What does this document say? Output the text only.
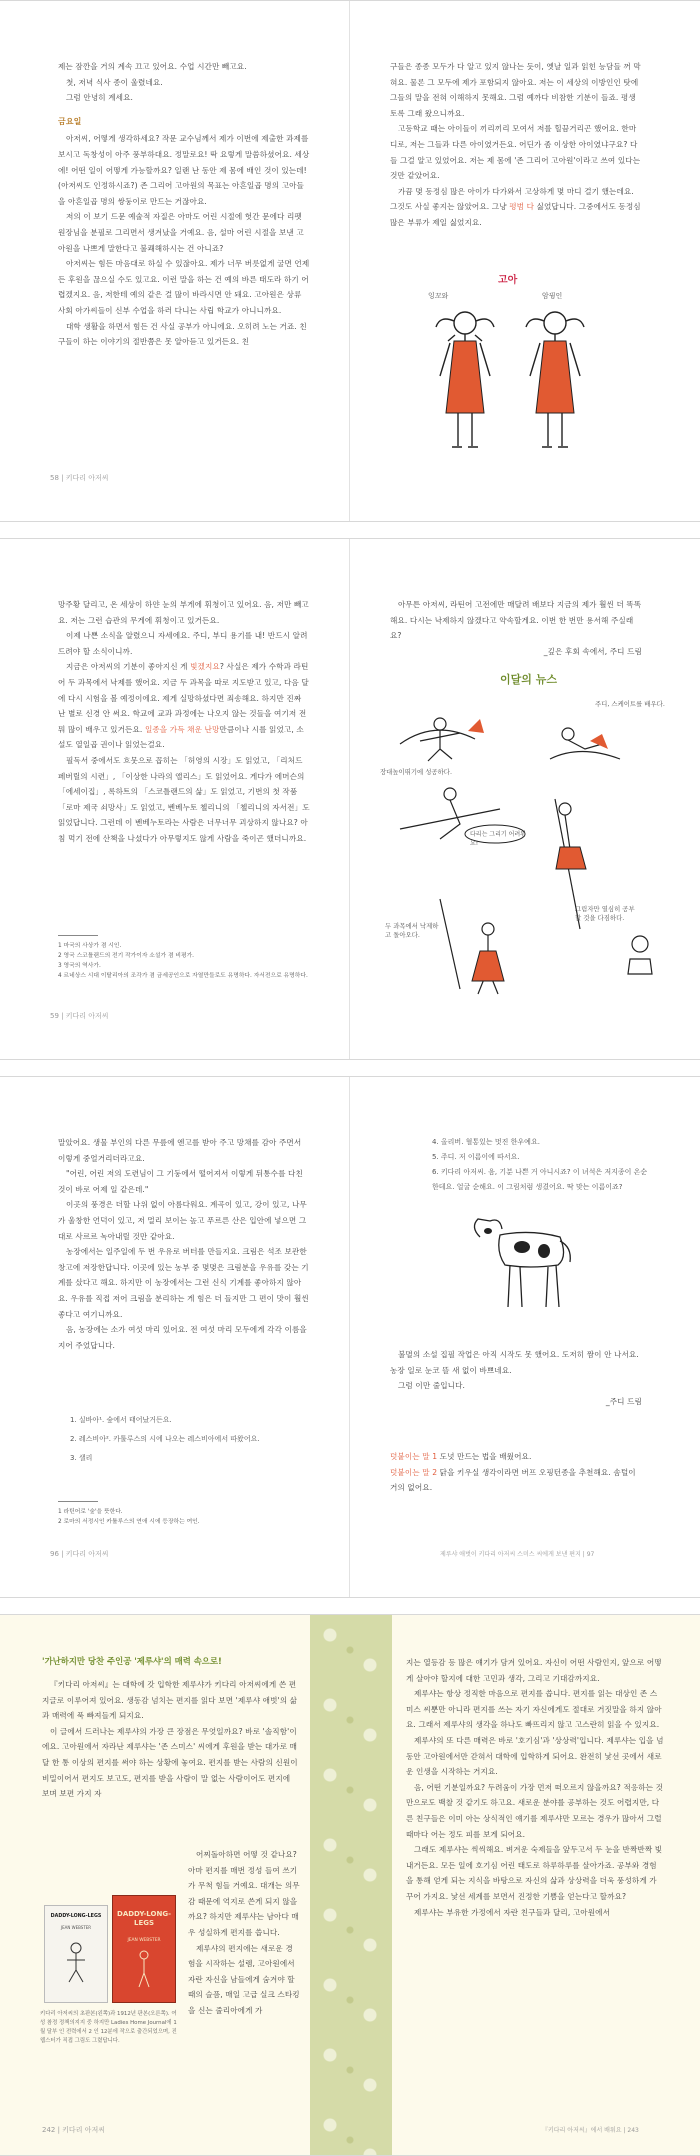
제는 잠깐을 거의 계속 끄고 있어요. 수업 시간만 빼고요.

첫, 저녁 식사 종이 울렸네요.

그럼 안녕히 계세요.

금요일

아저씨, 어떻게 생각하세요? 작문 교수님께서 제가 이번에 제출한 과제를 보시고 독창성이 아주 풍부하대요. 정말로요! 딱 요렇게 말씀하셨어요. 세상에! 어떤 일이 어떻게 가능할까요? 일랜 난 동안 제 몸에 배인 것이 있는데! (아저씨도 인정하시죠?) 존 그리어 고아원의 목표는 아흔일곱 명의 고아들을 아흔일곱 명의 쌍둥이로 만드는 거잖아요.

저의 이 보기 드문 예술적 자질은 아마도 어린 시절에 헛간 문에다 리펫 원장님을 분필로 그리면서 생겨났을 거예요. 음, 설마 어린 시절을 보낸 고아원을 나쁘게 말한다고 불쾌해하시는 건 아니죠?

아저씨는 힘든 마음대로 하실 수 있잖아요. 제가 너무 버릇없게 굴면 언제든 후원을 끊으실 수도 있고요. 이런 말을 하는 건 예의 바른 태도라 하기 어렵겠지요. 음, 저한테 예의 같은 걸 많이 바라시면 안 돼요. 고아원은 상류 사회 아가씨들이 신부 수업을 하러 다니는 사립 학교가 아니니까요.

대학 생활을 하면서 힘든 건 사실 공부가 아니에요. 오히려 노는 거죠. 친구들이 하는 이야기의 절반쯤은 못 알아듣고 있거든요. 친

58 | 키다리 아저씨

구들은 종종 모두가 다 알고 있지 않나는 듯이, 옛날 일과 읽힌 능담들 꺼 막혀요. 물론 그 모두에 제가 포함되지 않아요. 저는 이 세상의 이방인인 탓에 그들의 말을 전혀 이해하지 못해요. 그럼 예까다 비참한 기분이 들죠. 평생토록 그래 왔으니까요.

고등학교 때는 아이들이 끼리끼리 모여서 저를 힐끔거리곤 했어요. 한마디로, 저는 그들과 다른 아이였거든요. 어딘가 좀 이상한 아이였냐구요? 다들 그걸 알고 있었어요. 저는 제 몸에 '존 그리어 고아원'이라고 쓰여 있다는 것만 같았어요.

가끔 몇 동정심 많은 아이가 다가와서 고상하게 몇 마디 걸기 했는데요. 그것도 사실 좋지는 않았어요. 그냥 평범 다 싫었답니다. 그중에서도 동정심 많은 부류가 제일 싫었지요.

고아
잉꼬와	암꿩인

망주황 달리고, 온 세상이 하얀 눈의 부게에 휘청이고 있어요. 음, 저만 빼고요. 저는 그런 습관의 무게에 휘청이고 있거든요.

이제 나쁜 소식을 알렸으니 자세에요. 주디, 부디 용기를 내! 반드시 알려 드려야 할 소식이니까.

지금은 아저씨의 기분이 좋아지신 게 빛겠지요? 사실은 제가 수학과 라틴어 두 과목에서 낙제를 했어요. 지금 두 과목을 따로 지도받고 있고, 다음 달에 다시 시험을 볼 예정이에요. 제게 실망하셨다면 죄송해요. 하지만 진짜 난 별로 신경 안 써요. 학교에 교과 과정에는 나오지 않는 것들을 여기저 전뭐 많이 배우고 있거든요. 일종을 가득 채운 난망만큼이나 시를 읽었고, 소설도 열일곱 권이나 읽었는걸요.

필독서 중에서도 흐뭇으로 꼽히는 「허영의 시장」도 읽었고, 「리처드 페버릴의 시련」, 「이상한 나라의 앨리스」도 읽었어요. 게다가 에머슨의 「에세이집」, 록하트의 「스코틀랜드의 삶」도 읽었고, 기번의 첫 작품 「로마 제국 쇠망사」도 읽었고, 벤베누토 첼리니의 「첼리니의 자서전」도 읽었답니다. 그런데 이 벤베누토라는 사람은 너무너무 괴상하지 않나요? 아침 먹기 전에 산책을 나섰다가 아무렇지도 않게 사람을 죽이곤 했더니까요.

1 마국의 사상가 겸 시인.
2 영국 스코틀랜드의 전기 작가이자 소설가 겸 비평가.
3 영국의 역사가.
4 르네상스 시대 이탈리아의 조각가 겸 금세공인으로 자열만들로도 유명하다. 자서전으로 유명하다.
59 | 키다리 아저씨

아무튼 아저씨, 라틴어 고전에만 매달려 배보다 지금의 제가 훨씬 더 똑똑해요. 다시는 낙제하지 않겠다고 약속할게요. 이번 한 번만 용서해 주실래요?

_깊은 후회 속에서, 주디 드림

이달의 뉴스
주디, 스케이트를 배우다.
장대높이뛰기에 성공하다.
다리는 그리기 어려워요!
두 과목에서 낙제하고 돌아오다.
그림자만 열심히 공부할 것을 다짐하다.

말았어요. 생물 부인의 다른 무릎에 엔고를 받아 주고 망채를 감아 주면서 이렇게 중얼거리더라고요.

"어린, 어린 저의 도련님이 그 기둥에서 떨어져서 이렇게 뒤통수를 다친 것이 바로 어제 일 같은데."

이곳의 풍경은 더할 나위 없이 아름다워요. 계곡이 있고, 강이 있고, 나무가 울창한 언덕이 있고, 저 멀리 보이는 높고 푸르른 산은 입안에 넣으면 그대로 사르르 녹아내릴 것만 같아요.

농장에서는 일주일에 두 번 우유로 버터를 만들지요. 크림은 석조 보관한 창고에 저장한답니다. 이곳에 있는 농부 중 몇몇은 크림분을 우유를 갖는 기계를 샀다고 해요. 하지만 이 농장에서는 그런 신식 기계를 좋아하지 않아요. 우유를 직접 저어 크림을 분리하는 게 힘은 더 들지만 그 편이 맛이 훨씬 좋다고 여기니까요.

음, 농장에는 소가 여섯 마리 있어요. 전 여섯 마리 모두에게 각각 이름을 지어 주었답니다.

1. 실바아¹. 숲에서 태어났거든요.
2. 레스비아². 카툴루스의 시에 나오는 레스비아에서 따왔어요.
3. 샐리
1 라틴어로 '숲'을 뜻한다.
2 로마의 서정시인 카툴루스의 연애 시에 등장하는 여인.
96 | 키다리 아저씨
4. 올리버. 혈통있는 멋진 한우예요.
5. 주디. 저 이름이에 따서요.
6. 키다리 아저씨. 음, 기분 나쁜 거 아니시죠? 이 녀석은 저지종이 온순한데요. 얼굴 순해요. 이 그림처럼 생겼어요. 딱 맞는 이름이죠?

불멸의 소설 집필 작업은 아직 시작도 못 했어요. 도저히 짬이 안 나서요. 농장 일로 눈코 뜰 새 없이 바쁘네요.

그럼 이만 줄입니다.

_주디 드림

덧붙이는 말 1 도넛 만드는 법을 배웠어요.

덧붙이는 말 2 닭을 키우실 생각이라면 버프 오핑턴종을 추천해요. 솜털이 거의 없어요.

제루샤 애벗이 키다리 아저씨 스미스 씨에게 보낸 편지 | 97
'가난하지만 당찬 주인공 '제루샤'의 매력 속으로!

『키다리 아저씨』는 대학에 갓 입학한 제루샤가 키다리 아저씨에게 쓴 편지글로 이루어져 있어요. 생동감 넘치는 편지를 읽다 보면 '제루샤 애벗'의 삶과 매력에 푹 빠져들게 되지요.

이 글에서 드러나는 제루샤의 가장 큰 장점은 무엇일까요? 바로 '솔직함'이에요. 고아원에서 자라난 제루샤는 '존 스미스' 씨에게 후원을 받는 대가로 매달 한 통 이상의 편지를 써야 하는 상황에 놓여요. 편지를 받는 사람의 신원이 비밀이어서 편지도 보고도, 편지를 받을 사람이 말 없는 사람이어도 편지에 보며 보편 가지 자

어찌돌아하면 어떻 것 같나요? 아마 편지를 매번 정성 들여 쓰기가 무척 힘들 거예요. 대개는 의무감 때문에 억지로 쓴게 되지 않을까요? 하지만 제루샤는 남아다 매우 성실하게 편지를 씁니다.

제루샤의 편지에는 새로운 경험을 시작하는 설렘, 고아원에서 자란 자신을 남들에게 숨겨야 할 때의 슬픔, 매일 고급 실크 스타킹을 신는 줄리아에게 가

DADDY-LONG-LEGS
JEAN WEBSTER
DADDY-LONG-LEGS
JEAN WEBSTER
키다리 아저씨의 초판본(왼쪽)과 1912년 판본(오른쪽). 여성 참정 정책의지지 중 하지만 Ladies Home Journal에 1월 달부 인 전력에서 2 인 12분에 작으로 출간되었으며, 진 웹스터가 직접 그림도 그렸답니다.
242 | 키다리 아저씨

지는 열등감 등 많은 얘기가 담겨 있어요. 자신이 어떤 사람인지, 앞으로 어떻게 살아야 할지에 대한 고민과 생각, 그리고 기대감까지요.

제루샤는 항상 정직한 마음으로 편지를 씁니다. 편지를 읽는 대상인 존 스미스 씨뿐만 아니라 편지를 쓰는 자기 자신에게도 절대로 거짓말을 하지 않아요. 그래서 제루샤의 생각을 하나도 빠뜨리지 않고 고스란히 읽을 수 있지요.

제루샤의 또 다른 매력은 바로 '호기심'과 '상상력'입니다. 제루샤는 입을 넘 동안 고아원에서만 갇혀서 대학에 입학하게 되어요. 완전히 낯선 곳에서 새로운 인생을 시작하는 거지요.

음, 어떤 기분일까요? 두려움이 가장 먼저 떠오르지 않을까요? 적응하는 것만으로도 백찰 것 같기도 하고요. 새로운 분야를 공부하는 것도 어렵지만, 다른 친구들은 이미 아는 상식적인 얘기를 제루샤만 모르는 경우가 많아서 그럴 때마다 어는 정도 피를 보게 되어요.

그래도 제루샤는 씩씩해요. 벼겨운 숙제들을 앞두고서 두 눈을 반짝반짝 빛내거든요. 모든 일에 호기심 어린 태도로 하루하루를 살아가죠. 공부와 경험을 통해 얻게 되는 지식을 바탕으로 자신의 삶과 상상력을 더욱 풍성하게 가꾸어 가지요. 낯선 세계를 보면서 진정한 기쁨을 얻는다고 할까요?

제루샤는 부유한 가정에서 자란 친구들과 달리, 고아원에서

『키다리 아저씨』에서 배워요 | 243
